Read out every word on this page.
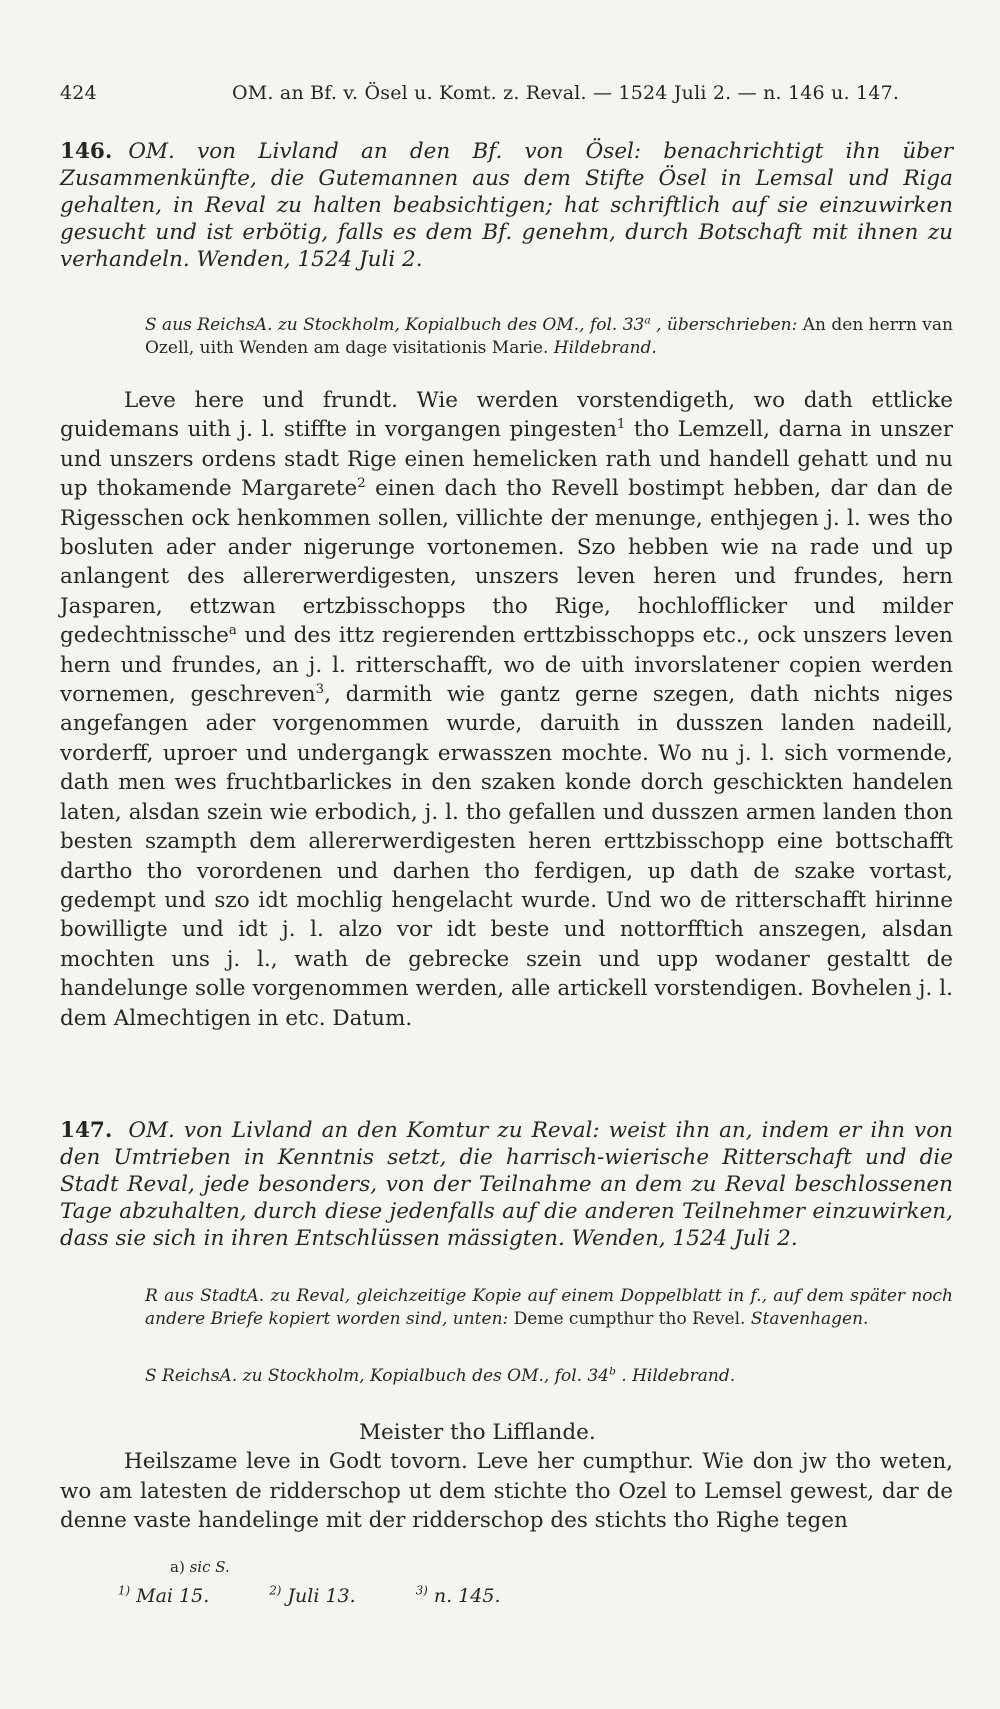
424	OM. an Bf. v. Ösel u. Komt. z. Reval. — 1524 Juli 2. — n. 146 u. 147.
146. OM. von Livland an den Bf. von Ösel: benachrichtigt ihn über Zusammenkünfte, die Gutemannen aus dem Stifte Ösel in Lemsal und Riga gehalten, in Reval zu halten beabsichtigen; hat schriftlich auf sie einzuwirken gesucht und ist erbötig, falls es dem Bf. genehm, durch Botschaft mit ihnen zu verhandeln. Wenden, 1524 Juli 2.
S aus ReichsA. zu Stockholm, Kopialbuch des OM., fol. 33$^a$ , überschrieben: An den herrn van Ozell, uith Wenden am dage visitationis Marie. Hildebrand.

Leve here und frundt. Wie werden vorstendigeth, wo dath ettlicke guidemans uith j. l. stiffte in vorgangen pingesten$^1$ tho Lemzell, darna in unszer und unszers ordens stadt Rige einen hemelicken rath und handell gehatt und nu up thokamende Margarete$^2$ einen dach tho Revell bostimpt hebben, dar dan de Rigesschen ock henkommen sollen, villichte der menunge, enthjegen j. l. wes tho bosluten ader ander nigerunge vortonemen. Szo hebben wie na rade und up anlangent des allererwerdigesten, unszers leven heren und frundes, hern Jasparen, ettzwan ertzbisschopps tho Rige, hochlofflicker und milder gedechtnissche$^a$ und des ittz regierenden erttzbisschopps etc., ock unszers leven hern und frundes, an j. l. ritterschafft, wo de uith invorslatener copien werden vornemen, geschreven$^3$, darmith wie gantz gerne szegen, dath nichts niges angefangen ader vorgenommen wurde, daruith in dusszen landen nadeill, vorderff, uproer und undergangk erwasszen mochte. Wo nu j. l. sich vormende, dath men wes fruchtbarlickes in den szaken konde dorch geschickten handelen laten, alsdan szein wie erbodich, j. l. tho gefallen und dusszen armen landen thon besten szampth dem allererwerdigesten heren erttzbisschopp eine bottschafft dartho tho vorordenen und darhen tho ferdigen, up dath de szake vortast, gedempt und szo idt mochlig hengelacht wurde. Und wo de ritterschafft hirinne bowilligte und idt j. l. alzo vor idt beste und nottorfftich anszegen, alsdan mochten uns j. l., wath de gebrecke szein und upp wodaner gestaltt de handelunge solle vorgenommen werden, alle artickell vorstendigen. Bovhelen j. l. dem Almechtigen in etc. Datum.

147. OM. von Livland an den Komtur zu Reval: weist ihn an, indem er ihn von den Umtrieben in Kenntnis setzt, die harrisch-wierische Ritterschaft und die Stadt Reval, jede besonders, von der Teilnahme an dem zu Reval beschlossenen Tage abzuhalten, durch diese jedenfalls auf die anderen Teilnehmer einzuwirken, dass sie sich in ihren Entschlüssen mässigten. Wenden, 1524 Juli 2.
R aus StadtA. zu Reval, gleichzeitige Kopie auf einem Doppelblatt in f., auf dem später noch andere Briefe kopiert worden sind, unten: Deme cumpthur tho Revel. Stavenhagen.
S ReichsA. zu Stockholm, Kopialbuch des OM., fol. 34$^b$ . Hildebrand.

Meister tho Lifflande.

Heilszame leve in Godt tovorn. Leve her cumpthur. Wie don jw tho weten, wo am latesten de ridderschop ut dem stichte tho Ozel to Lemsel gewest, dar de denne vaste handelinge mit der ridderschop des stichts tho Righe tegen

a) sic S.
$^{1)}$ Mai 15.	$^{2)}$ Juli 13.	$^{3)}$ n. 145.
